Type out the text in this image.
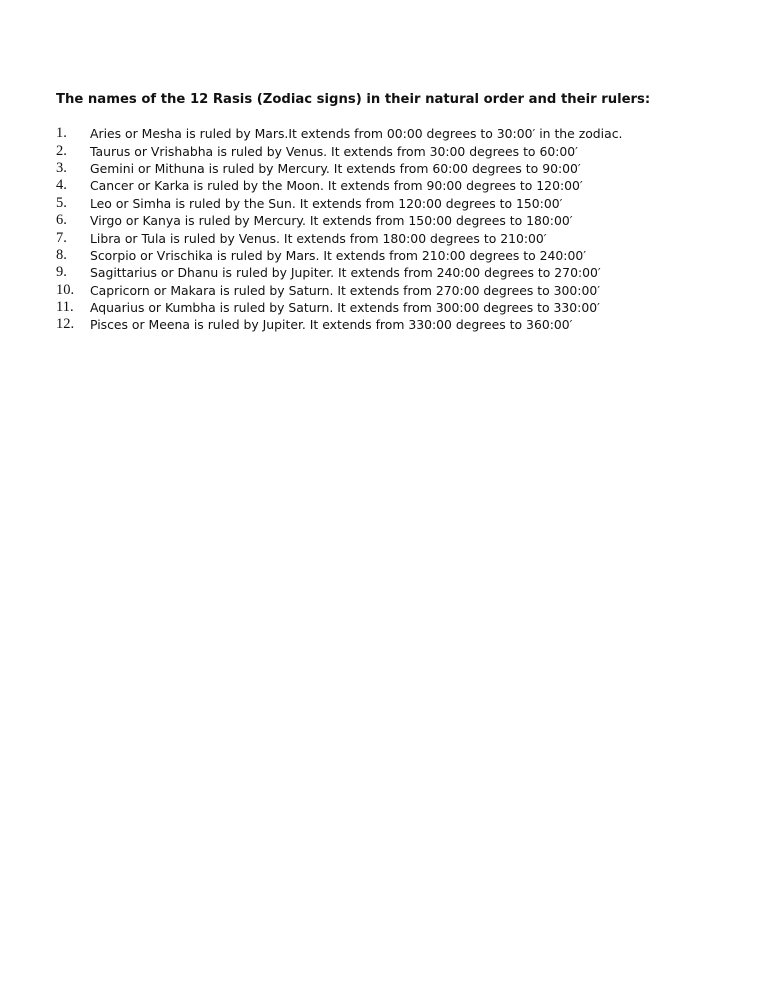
The names of the 12 Rasis (Zodiac signs) in their natural order and their rulers:
1.	Aries or Mesha is ruled by Mars.It extends from 00:00 degrees to 30:00′ in the zodiac.
2.	Taurus or Vrishabha is ruled by Venus. It extends from 30:00 degrees to 60:00′
3.	Gemini or Mithuna is ruled by Mercury. It extends from 60:00 degrees to 90:00′
4.	Cancer or Karka is ruled by the Moon. It extends from 90:00 degrees to 120:00′
5.	Leo or Simha is ruled by the Sun. It extends from 120:00 degrees to 150:00′
6.	Virgo or Kanya is ruled by Mercury. It extends from 150:00 degrees to 180:00′
7.	Libra or Tula is ruled by Venus. It extends from 180:00 degrees to 210:00′
8.	Scorpio or Vrischika is ruled by Mars. It extends from 210:00 degrees to 240:00′
9.	Sagittarius or Dhanu is ruled by Jupiter. It extends from 240:00 degrees to 270:00′
10.	Capricorn or Makara is ruled by Saturn. It extends from 270:00 degrees to 300:00′
11.	Aquarius or Kumbha is ruled by Saturn. It extends from 300:00 degrees to 330:00′
12.	Pisces or Meena is ruled by Jupiter. It extends from 330:00 degrees to 360:00′
